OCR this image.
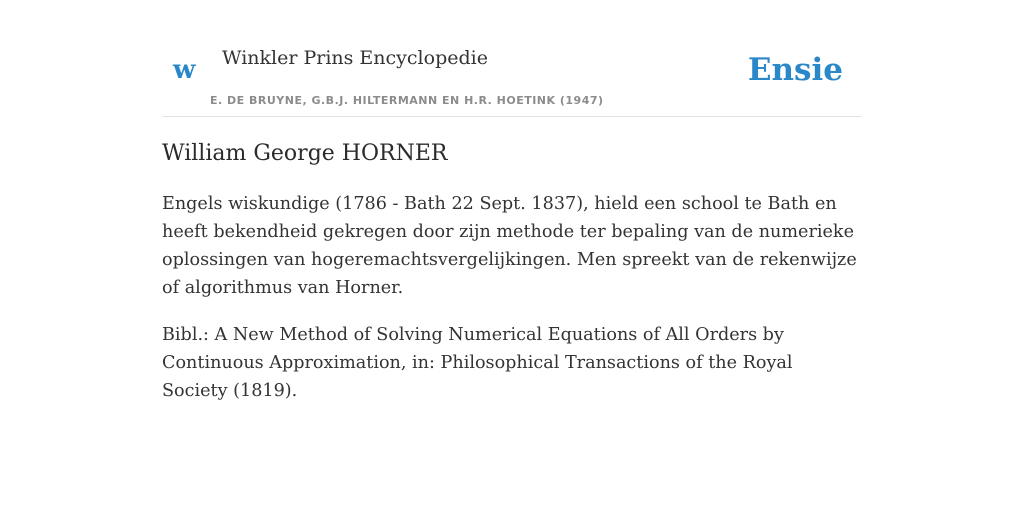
w Winkler Prins Encyclopedie
E. DE BRUYNE, G.B.J. HILTERMANN EN H.R. HOETINK (1947)
Ensie
William George HORNER

Engels wiskundige (1786 - Bath 22 Sept. 1837), hield een school te Bath en heeft bekendheid gekregen door zijn methode ter bepaling van de numerieke oplossingen van hogeremachtsvergelijkingen. Men spreekt van de rekenwijze of algorithmus van Horner.

Bibl.: A New Method of Solving Numerical Equations of All Orders by Continuous Approximation, in: Philosophical Transactions of the Royal Society (1819).
